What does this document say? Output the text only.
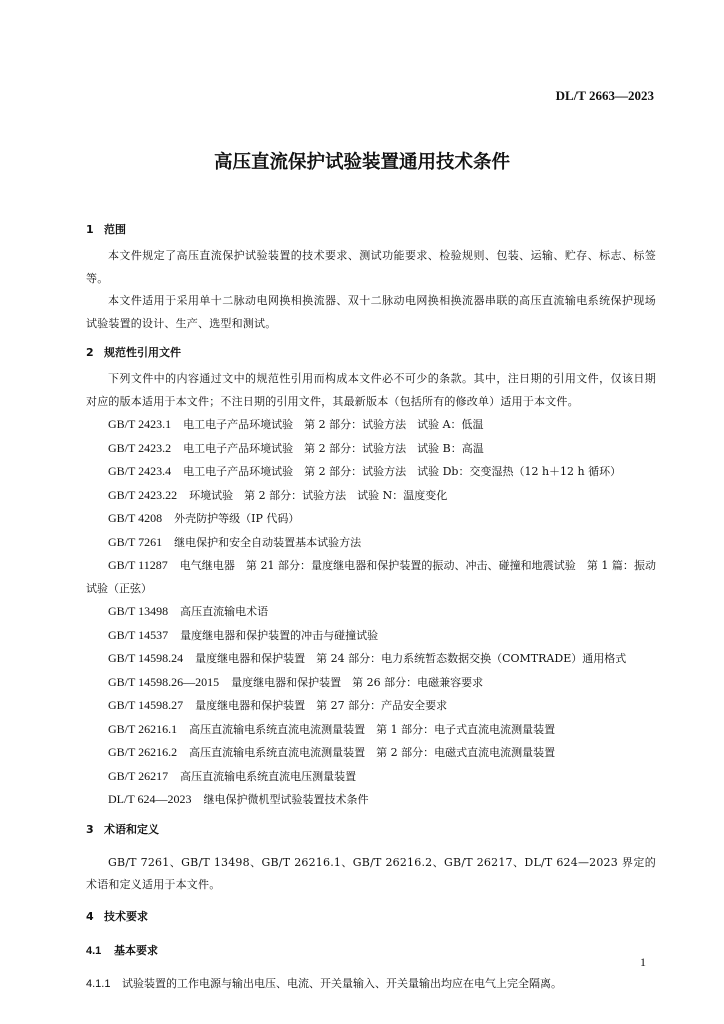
DL/T 2663—2023
高压直流保护试验装置通用技术条件
1 范围

本文件规定了高压直流保护试验装置的技术要求、测试功能要求、检验规则、包装、运输、贮存、标志、标签等。

本文件适用于采用单十二脉动电网换相换流器、双十二脉动电网换相换流器串联的高压直流输电系统保护现场试验装置的设计、生产、选型和测试。

2 规范性引用文件

下列文件中的内容通过文中的规范性引用而构成本文件必不可少的条款。其中，注日期的引用文件，仅该日期对应的版本适用于本文件；不注日期的引用文件，其最新版本（包括所有的修改单）适用于本文件。

GB/T 2423.1 电工电子产品环境试验　第 2 部分：试验方法　试验 A：低温

GB/T 2423.2 电工电子产品环境试验　第 2 部分：试验方法　试验 B：高温

GB/T 2423.4 电工电子产品环境试验　第 2 部分：试验方法　试验 Db：交变湿热（12 h＋12 h 循环）

GB/T 2423.22 环境试验　第 2 部分：试验方法　试验 N：温度变化

GB/T 4208 外壳防护等级（IP 代码）

GB/T 7261 继电保护和安全自动装置基本试验方法

GB/T 11287 电气继电器　第 21 部分：量度继电器和保护装置的振动、冲击、碰撞和地震试验　第 1 篇：振动试验（正弦）

GB/T 13498 高压直流输电术语

GB/T 14537 量度继电器和保护装置的冲击与碰撞试验

GB/T 14598.24 量度继电器和保护装置　第 24 部分：电力系统暂态数据交换（COMTRADE）通用格式

GB/T 14598.26—2015 量度继电器和保护装置　第 26 部分：电磁兼容要求

GB/T 14598.27 量度继电器和保护装置　第 27 部分：产品安全要求

GB/T 26216.1 高压直流输电系统直流电流测量装置　第 1 部分：电子式直流电流测量装置

GB/T 26216.2 高压直流输电系统直流电流测量装置　第 2 部分：电磁式直流电流测量装置

GB/T 26217 高压直流输电系统直流电压测量装置

DL/T 624—2023 继电保护微机型试验装置技术条件

3 术语和定义

GB/T 7261、GB/T 13498、GB/T 26216.1、GB/T 26216.2、GB/T 26217、DL/T 624—2023 界定的术语和定义适用于本文件。

4 技术要求
4.1 基本要求

4.1.1 试验装置的工作电源与输出电压、电流、开关量输入、开关量输出均应在电气上完全隔离。

1
